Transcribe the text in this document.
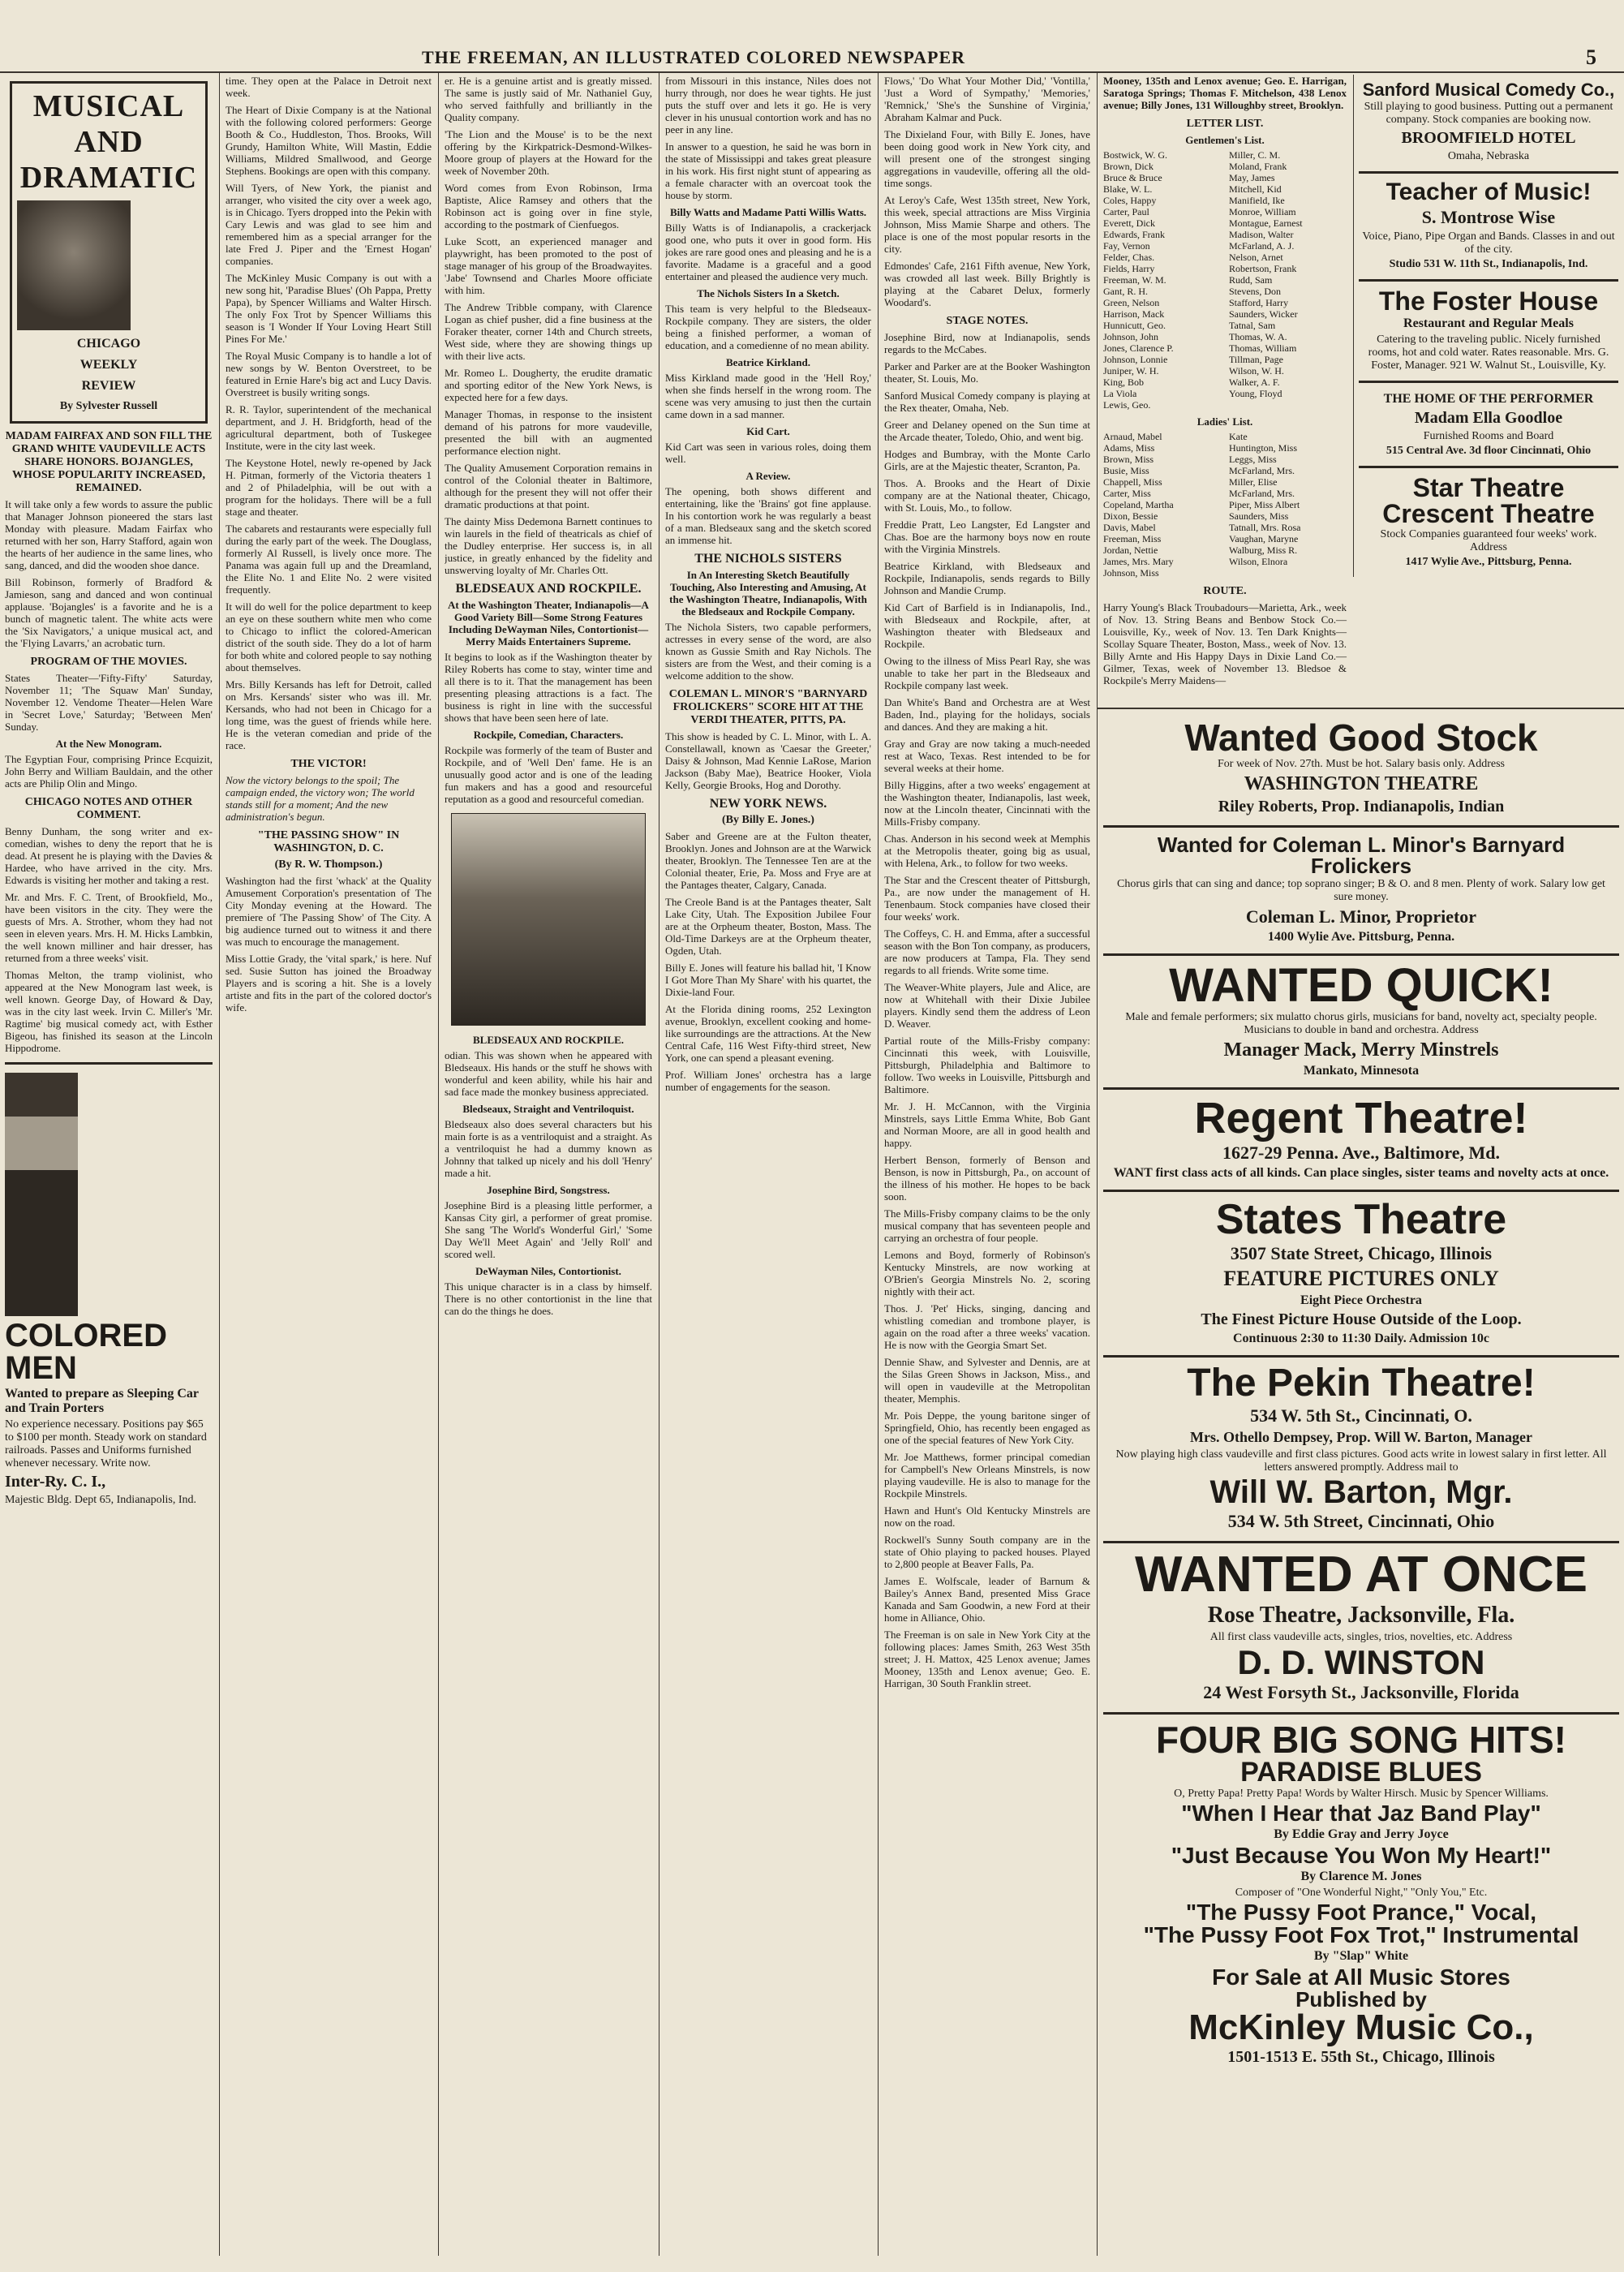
THE FREEMAN, AN ILLUSTRATED COLORED NEWSPAPER	5
MUSICAL AND DRAMATIC
CHICAGO
WEEKLY
REVIEW
By Sylvester Russell
MADAM FAIRFAX AND SON FILL THE GRAND WHITE VAUDEVILLE ACTS SHARE HONORS. BOJANGLES, WHOSE POPULARITY INCREASED, REMAINED.

It will take only a few words to assure the public that Manager Johnson pioneered the stars last Monday with pleasure. Madam Fairfax who returned with her son, Harry Stafford, again won the hearts of her audience in the same lines, who sang, danced, and did the wooden shoe dance.

Bill Robinson, formerly of Bradford & Jamieson, sang and danced and won continual applause. 'Bojangles' is a favorite and he is a bunch of magnetic talent. The white acts were the 'Six Navigators,' a unique musical act, and the 'Flying Lavarrs,' an acrobatic turn.

PROGRAM OF THE MOVIES.

States Theater—'Fifty-Fifty' Saturday, November 11; 'The Squaw Man' Sunday, November 12. Vendome Theater—Helen Ware in 'Secret Love,' Saturday; 'Between Men' Sunday.

At the New Monogram.

The Egyptian Four, comprising Prince Ecquizit, John Berry and William Bauldain, and the other acts are Philip Olin and Mingo.

CHICAGO NOTES AND OTHER COMMENT.

Benny Dunham, the song writer and ex-comedian, wishes to deny the report that he is dead. At present he is playing with the Davies & Hardee, who have arrived in the city. Mrs. Edwards is visiting her mother and taking a rest.

Mr. and Mrs. F. C. Trent, of Brookfield, Mo., have been visitors in the city. They were the guests of Mrs. A. Strother, whom they had not seen in eleven years. Mrs. H. M. Hicks Lambkin, the well known milliner and hair dresser, has returned from a three weeks' visit.

Thomas Melton, the tramp violinist, who appeared at the New Monogram last week, is well known. George Day, of Howard & Day, was in the city last week. Irvin C. Miller's 'Mr. Ragtime' big musical comedy act, with Esther Bigeou, has finished its season at the Lincoln Hippodrome.

COLORED
MEN
Wanted to prepare as Sleeping Car and Train Porters
No experience necessary. Positions pay $65 to $100 per month. Steady work on standard railroads. Passes and Uniforms furnished whenever necessary. Write now.
Inter-Ry. C. I.,
Majestic Bldg. Dept 65, Indianapolis, Ind.

time. They open at the Palace in Detroit next week.

The Heart of Dixie Company is at the National with the following colored performers: George Booth & Co., Huddleston, Thos. Brooks, Will Grundy, Hamilton White, Will Mastin, Eddie Williams, Mildred Smallwood, and George Stephens. Bookings are open with this company.

Will Tyers, of New York, the pianist and arranger, who visited the city over a week ago, is in Chicago. Tyers dropped into the Pekin with Cary Lewis and was glad to see him and remembered him as a special arranger for the late Fred J. Piper and the 'Ernest Hogan' companies.

The McKinley Music Company is out with a new song hit, 'Paradise Blues' (Oh Pappa, Pretty Papa), by Spencer Williams and Walter Hirsch. The only Fox Trot by Spencer Williams this season is 'I Wonder If Your Loving Heart Still Pines For Me.'

The Royal Music Company is to handle a lot of new songs by W. Benton Overstreet, to be featured in Ernie Hare's big act and Lucy Davis. Overstreet is busily writing songs.

R. R. Taylor, superintendent of the mechanical department, and J. H. Bridgforth, head of the agricultural department, both of Tuskegee Institute, were in the city last week.

The Keystone Hotel, newly re-opened by Jack H. Pitman, formerly of the Victoria theaters 1 and 2 of Philadelphia, will be out with a program for the holidays. There will be a full stage and theater.

The cabarets and restaurants were especially full during the early part of the week. The Douglass, formerly Al Russell, is lively once more. The Panama was again full up and the Dreamland, the Elite No. 1 and Elite No. 2 were visited frequently.

It will do well for the police department to keep an eye on these southern white men who come to Chicago to inflict the colored-American district of the south side. They do a lot of harm for both white and colored people to say nothing about themselves.

Mrs. Billy Kersands has left for Detroit, called on Mrs. Kersands' sister who was ill. Mr. Kersands, who had not been in Chicago for a long time, was the guest of friends while here. He is the veteran comedian and pride of the race.

THE VICTOR!

Now the victory belongs to the spoil; The campaign ended, the victory won; The world stands still for a moment; And the new administration's begun.

"THE PASSING SHOW" IN WASHINGTON, D. C.
(By R. W. Thompson.)

Washington had the first 'whack' at the Quality Amusement Corporation's presentation of The City Monday evening at the Howard. The premiere of 'The Passing Show' of The City. A big audience turned out to witness it and there was much to encourage the management.

Miss Lottie Grady, the 'vital spark,' is here. Nuf sed. Susie Sutton has joined the Broadway Players and is scoring a hit. She is a lovely artiste and fits in the part of the colored doctor's wife.

er. He is a genuine artist and is greatly missed. The same is justly said of Mr. Nathaniel Guy, who served faithfully and brilliantly in the Quality company.

'The Lion and the Mouse' is to be the next offering by the Kirkpatrick-Desmond-Wilkes-Moore group of players at the Howard for the week of November 20th.

Word comes from Evon Robinson, Irma Baptiste, Alice Ramsey and others that the Robinson act is going over in fine style, according to the postmark of Cienfuegos.

Luke Scott, an experienced manager and playwright, has been promoted to the post of stage manager of his group of the Broadwayites. 'Jabe' Townsend and Charles Moore officiate with him.

The Andrew Tribble company, with Clarence Logan as chief pusher, did a fine business at the Foraker theater, corner 14th and Church streets, West side, where they are showing things up with their live acts.

Mr. Romeo L. Dougherty, the erudite dramatic and sporting editor of the New York News, is expected here for a few days.

Manager Thomas, in response to the insistent demand of his patrons for more vaudeville, presented the bill with an augmented performance election night.

The Quality Amusement Corporation remains in control of the Colonial theater in Baltimore, although for the present they will not offer their dramatic productions at that point.

The dainty Miss Dedemona Barnett continues to win laurels in the field of theatricals as chief of the Dudley enterprise. Her success is, in all justice, in greatly enhanced by the fidelity and unswerving loyalty of Mr. Charles Ott.

BLEDSEAUX AND ROCKPILE.
At the Washington Theater, Indianapolis—A Good Variety Bill—Some Strong Features Including DeWayman Niles, Contortionist—Merry Maids Entertainers Supreme.

It begins to look as if the Washington theater by Riley Roberts has come to stay, winter time and all there is to it. That the management has been presenting pleasing attractions is a fact. The business is right in line with the successful shows that have been seen here of late.

Rockpile, Comedian, Characters.

Rockpile was formerly of the team of Buster and Rockpile, and of 'Well Den' fame. He is an unusually good actor and is one of the leading fun makers and has a good and resourceful reputation as a good and resourceful comedian.

BLEDSEAUX AND ROCKPILE.

odian. This was shown when he appeared with Bledseaux. His hands or the stuff he shows with wonderful and keen ability, while his hair and sad face made the monkey business appreciated.

Bledseaux, Straight and Ventriloquist.

Bledseaux also does several characters but his main forte is as a ventriloquist and a straight. As a ventriloquist he had a dummy known as Johnny that talked up nicely and his doll 'Henry' made a hit.

Josephine Bird, Songstress.

Josephine Bird is a pleasing little performer, a Kansas City girl, a performer of great promise. She sang 'The World's Wonderful Girl,' 'Some Day We'll Meet Again' and 'Jelly Roll' and scored well.

DeWayman Niles, Contortionist.

This unique character is in a class by himself. There is no other contortionist in the line that can do the things he does.

from Missouri in this instance, Niles does not hurry through, nor does he wear tights. He just puts the stuff over and lets it go. He is very clever in his unusual contortion work and has no peer in any line.

In answer to a question, he said he was born in the state of Mississippi and takes great pleasure in his work. His first night stunt of appearing as a female character with an overcoat took the house by storm.

Billy Watts and Madame Patti Willis Watts.

Billy Watts is of Indianapolis, a crackerjack good one, who puts it over in good form. His jokes are rare good ones and pleasing and he is a favorite. Madame is a graceful and a good entertainer and pleased the audience very much.

The Nichols Sisters In a Sketch.

This team is very helpful to the Bledseaux-Rockpile company. They are sisters, the older being a finished performer, a woman of education, and a comedienne of no mean ability.

Beatrice Kirkland.

Miss Kirkland made good in the 'Hell Roy,' when she finds herself in the wrong room. The scene was very amusing to just then the curtain came down in a sad manner.

Kid Cart.

Kid Cart was seen in various roles, doing them well.

A Review.

The opening, both shows different and entertaining, like the 'Brains' got fine applause. In his contortion work he was regularly a beast of a man. Bledseaux sang and the sketch scored an immense hit.

THE NICHOLS SISTERS
In An Interesting Sketch Beautifully Touching, Also Interesting and Amusing, At the Washington Theatre, Indianapolis, With the Bledseaux and Rockpile Company.

The Nichola Sisters, two capable performers, actresses in every sense of the word, are also known as Gussie Smith and Ray Nichols. The sisters are from the West, and their coming is a welcome addition to the show.

COLEMAN L. MINOR'S "BARNYARD FROLICKERS" SCORE HIT AT THE VERDI THEATER, PITTS, PA.

This show is headed by C. L. Minor, with L. A. Constellawall, known as 'Caesar the Greeter,' Daisy & Johnson, Mad Kennie LaRose, Marion Jackson (Baby Mae), Beatrice Hooker, Viola Kelly, Georgie Brooks, Hog and Dorothy.

NEW YORK NEWS.
(By Billy E. Jones.)

Saber and Greene are at the Fulton theater, Brooklyn. Jones and Johnson are at the Warwick theater, Brooklyn. The Tennessee Ten are at the Colonial theater, Erie, Pa. Moss and Frye are at the Pantages theater, Calgary, Canada.

The Creole Band is at the Pantages theater, Salt Lake City, Utah. The Exposition Jubilee Four are at the Orpheum theater, Boston, Mass. The Old-Time Darkeys are at the Orpheum theater, Ogden, Utah.

Billy E. Jones will feature his ballad hit, 'I Know I Got More Than My Share' with his quartet, the Dixie-land Four.

At the Florida dining rooms, 252 Lexington avenue, Brooklyn, excellent cooking and home-like surroundings are the attractions. At the New Central Cafe, 116 West Fifty-third street, New York, one can spend a pleasant evening.

Prof. William Jones' orchestra has a large number of engagements for the season.

Flows,' 'Do What Your Mother Did,' 'Vontilla,' 'Just a Word of Sympathy,' 'Memories,' 'Remnick,' 'She's the Sunshine of Virginia,' Abraham Kalmar and Puck.

The Dixieland Four, with Billy E. Jones, have been doing good work in New York city, and will present one of the strongest singing aggregations in vaudeville, offering all the old-time songs.

At Leroy's Cafe, West 135th street, New York, this week, special attractions are Miss Virginia Johnson, Miss Mamie Sharpe and others. The place is one of the most popular resorts in the city.

Edmondes' Cafe, 2161 Fifth avenue, New York, was crowded all last week. Billy Brightly is playing at the Cabaret Delux, formerly Woodard's.

STAGE NOTES.

Josephine Bird, now at Indianapolis, sends regards to the McCabes.

Parker and Parker are at the Booker Washington theater, St. Louis, Mo.

Sanford Musical Comedy company is playing at the Rex theater, Omaha, Neb.

Greer and Delaney opened on the Sun time at the Arcade theater, Toledo, Ohio, and went big.

Hodges and Bumbray, with the Monte Carlo Girls, are at the Majestic theater, Scranton, Pa.

Thos. A. Brooks and the Heart of Dixie company are at the National theater, Chicago, with St. Louis, Mo., to follow.

Freddie Pratt, Leo Langster, Ed Langster and Chas. Boe are the harmony boys now en route with the Virginia Minstrels.

Beatrice Kirkland, with Bledseaux and Rockpile, Indianapolis, sends regards to Billy Johnson and Mandie Crump.

Kid Cart of Barfield is in Indianapolis, Ind., with Bledseaux and Rockpile, after, at Washington theater with Bledseaux and Rockpile.

Owing to the illness of Miss Pearl Ray, she was unable to take her part in the Bledseaux and Rockpile company last week.

Dan White's Band and Orchestra are at West Baden, Ind., playing for the holidays, socials and dances. And they are making a hit.

Gray and Gray are now taking a much-needed rest at Waco, Texas. Rest intended to be for several weeks at their home.

Billy Higgins, after a two weeks' engagement at the Washington theater, Indianapolis, last week, now at the Lincoln theater, Cincinnati with the Mills-Frisby company.

Chas. Anderson in his second week at Memphis at the Metropolis theater, going big as usual, with Helena, Ark., to follow for two weeks.

The Star and the Crescent theater of Pittsburgh, Pa., are now under the management of H. Tenenbaum. Stock companies have closed their four weeks' work.

The Coffeys, C. H. and Emma, after a successful season with the Bon Ton company, as producers, are now producers at Tampa, Fla. They send regards to all friends. Write some time.

The Weaver-White players, Jule and Alice, are now at Whitehall with their Dixie Jubilee players. Kindly send them the address of Leon D. Weaver.

Partial route of the Mills-Frisby company: Cincinnati this week, with Louisville, Pittsburgh, Philadelphia and Baltimore to follow. Two weeks in Louisville, Pittsburgh and Baltimore.

Mr. J. H. McCannon, with the Virginia Minstrels, says Little Emma White, Bob Gant and Norman Moore, are all in good health and happy.

Herbert Benson, formerly of Benson and Benson, is now in Pittsburgh, Pa., on account of the illness of his mother. He hopes to be back soon.

The Mills-Frisby company claims to be the only musical company that has seventeen people and carrying an orchestra of four people.

Lemons and Boyd, formerly of Robinson's Kentucky Minstrels, are now working at O'Brien's Georgia Minstrels No. 2, scoring nightly with their act.

Thos. J. 'Pet' Hicks, singing, dancing and whistling comedian and trombone player, is again on the road after a three weeks' vacation. He is now with the Georgia Smart Set.

Dennie Shaw, and Sylvester and Dennis, are at the Silas Green Shows in Jackson, Miss., and will open in vaudeville at the Metropolitan theater, Memphis.

Mr. Pois Deppe, the young baritone singer of Springfield, Ohio, has recently been engaged as one of the special features of New York City.

Mr. Joe Matthews, former principal comedian for Campbell's New Orleans Minstrels, is now playing vaudeville. He is also to manage for the Rockpile Minstrels.

Hawn and Hunt's Old Kentucky Minstrels are now on the road.

Rockwell's Sunny South company are in the state of Ohio playing to packed houses. Played to 2,800 people at Beaver Falls, Pa.

James E. Wolfscale, leader of Barnum & Bailey's Annex Band, presented Miss Grace Kanada and Sam Goodwin, a new Ford at their home in Alliance, Ohio.

The Freeman is on sale in New York City at the following places: James Smith, 263 West 35th street; J. H. Mattox, 425 Lenox avenue; James Mooney, 135th and Lenox avenue; Geo. E. Harrigan, 30 South Franklin street.

Mooney, 135th and Lenox avenue; Geo. E. Harrigan, Saratoga Springs; Thomas F. Mitchelson, 438 Lenox avenue; Billy Jones, 131 Willoughby street, Brooklyn.

LETTER LIST.
Gentlemen's List.
Bostwick, W. G.
Brown, Dick
Bruce & Bruce
Blake, W. L.
Coles, Happy
Carter, Paul
Everett, Dick
Edwards, Frank
Fay, Vernon
Felder, Chas.
Fields, Harry
Freeman, W. M.
Gant, R. H.
Green, Nelson
Harrison, Mack
Hunnicutt, Geo.
Johnson, John
Jones, Clarence P.
Johnson, Lonnie
Juniper, W. H.
King, Bob
La Viola
Lewis, Geo.
Miller, C. M.
Moland, Frank
May, James
Mitchell, Kid
Manifield, Ike
Monroe, William
Montague, Earnest
Madison, Walter
McFarland, A. J.
Nelson, Arnet
Robertson, Frank
Rudd, Sam
Stevens, Don
Stafford, Harry
Saunders, Wicker
Tatnal, Sam
Thomas, W. A.
Thomas, William
Tillman, Page
Wilson, W. H.
Walker, A. F.
Young, Floyd
Ladies' List.
Arnaud, Mabel
Adams, Miss
Brown, Miss
Busie, Miss
Chappell, Miss
Carter, Miss
Copeland, Martha
Dixon, Bessie
Davis, Mabel
Freeman, Miss
Jordan, Nettie
James, Mrs. Mary
Johnson, Miss
Kate
Huntington, Miss
Leggs, Miss
McFarland, Mrs.
Miller, Elise
McFarland, Mrs.
Piper, Miss Albert
Saunders, Miss
Tatnall, Mrs. Rosa
Vaughan, Maryne
Walburg, Miss R.
Wilson, Elnora
ROUTE.

Harry Young's Black Troubadours—Marietta, Ark., week of Nov. 13. String Beans and Benbow Stock Co.—Louisville, Ky., week of Nov. 13. Ten Dark Knights—Scollay Square Theater, Boston, Mass., week of Nov. 13. Billy Arnte and His Happy Days in Dixie Land Co.—Gilmer, Texas, week of November 13. Bledsoe & Rockpile's Merry Maidens—

Sanford Musical Comedy Co.,
Still playing to good business. Putting out a permanent company. Stock companies are booking now.
BROOMFIELD HOTEL
Omaha, Nebraska
Teacher of Music!
S. Montrose Wise
Voice, Piano, Pipe Organ and Bands. Classes in and out of the city.
Studio 531 W. 11th St., Indianapolis, Ind.
The Foster House
Restaurant and Regular Meals
Catering to the traveling public. Nicely furnished rooms, hot and cold water. Rates reasonable. Mrs. G. Foster, Manager. 921 W. Walnut St., Louisville, Ky.
THE HOME OF THE PERFORMER
Madam Ella Goodloe
Furnished Rooms and Board
515 Central Ave. 3d floor Cincinnati, Ohio
Star Theatre
Crescent Theatre
Stock Companies guaranteed four weeks' work. Address
1417 Wylie Ave., Pittsburg, Penna.
Wanted Good Stock
For week of Nov. 27th. Must be hot. Salary basis only. Address
WASHINGTON THEATRE
Riley Roberts, Prop. Indianapolis, Indian
Wanted for Coleman L. Minor's Barnyard Frolickers
Chorus girls that can sing and dance; top soprano singer; B & O. and 8 men. Plenty of work. Salary low get sure money.
Coleman L. Minor, Proprietor
1400 Wylie Ave. Pittsburg, Penna.
WANTED QUICK!
Male and female performers; six mulatto chorus girls, musicians for band, novelty act, specialty people. Musicians to double in band and orchestra. Address
Manager Mack, Merry Minstrels
Mankato, Minnesota
Regent Theatre!
1627-29 Penna. Ave., Baltimore, Md.
WANT first class acts of all kinds. Can place singles, sister teams and novelty acts at once.
States Theatre
3507 State Street, Chicago, Illinois
FEATURE PICTURES ONLY
Eight Piece Orchestra
The Finest Picture House Outside of the Loop.
Continuous 2:30 to 11:30 Daily. Admission 10c
The Pekin Theatre!
534 W. 5th St., Cincinnati, O.
Mrs. Othello Dempsey, Prop. Will W. Barton, Manager
Now playing high class vaudeville and first class pictures. Good acts write in lowest salary in first letter. All letters answered promptly. Address mail to
Will W. Barton, Mgr.
534 W. 5th Street, Cincinnati, Ohio
WANTED AT ONCE
Rose Theatre, Jacksonville, Fla.
All first class vaudeville acts, singles, trios, novelties, etc. Address
D. D. WINSTON
24 West Forsyth St., Jacksonville, Florida
FOUR BIG SONG HITS!
PARADISE BLUES
O, Pretty Papa! Pretty Papa! Words by Walter Hirsch. Music by Spencer Williams.
"When I Hear that Jaz Band Play"
By Eddie Gray and Jerry Joyce
"Just Because You Won My Heart!"
By Clarence M. Jones
Composer of "One Wonderful Night," "Only You," Etc.
"The Pussy Foot Prance," Vocal,
"The Pussy Foot Fox Trot," Instrumental
By "Slap" White
For Sale at All Music Stores
Published by
McKinley Music Co.,
1501-1513 E. 55th St., Chicago, Illinois
